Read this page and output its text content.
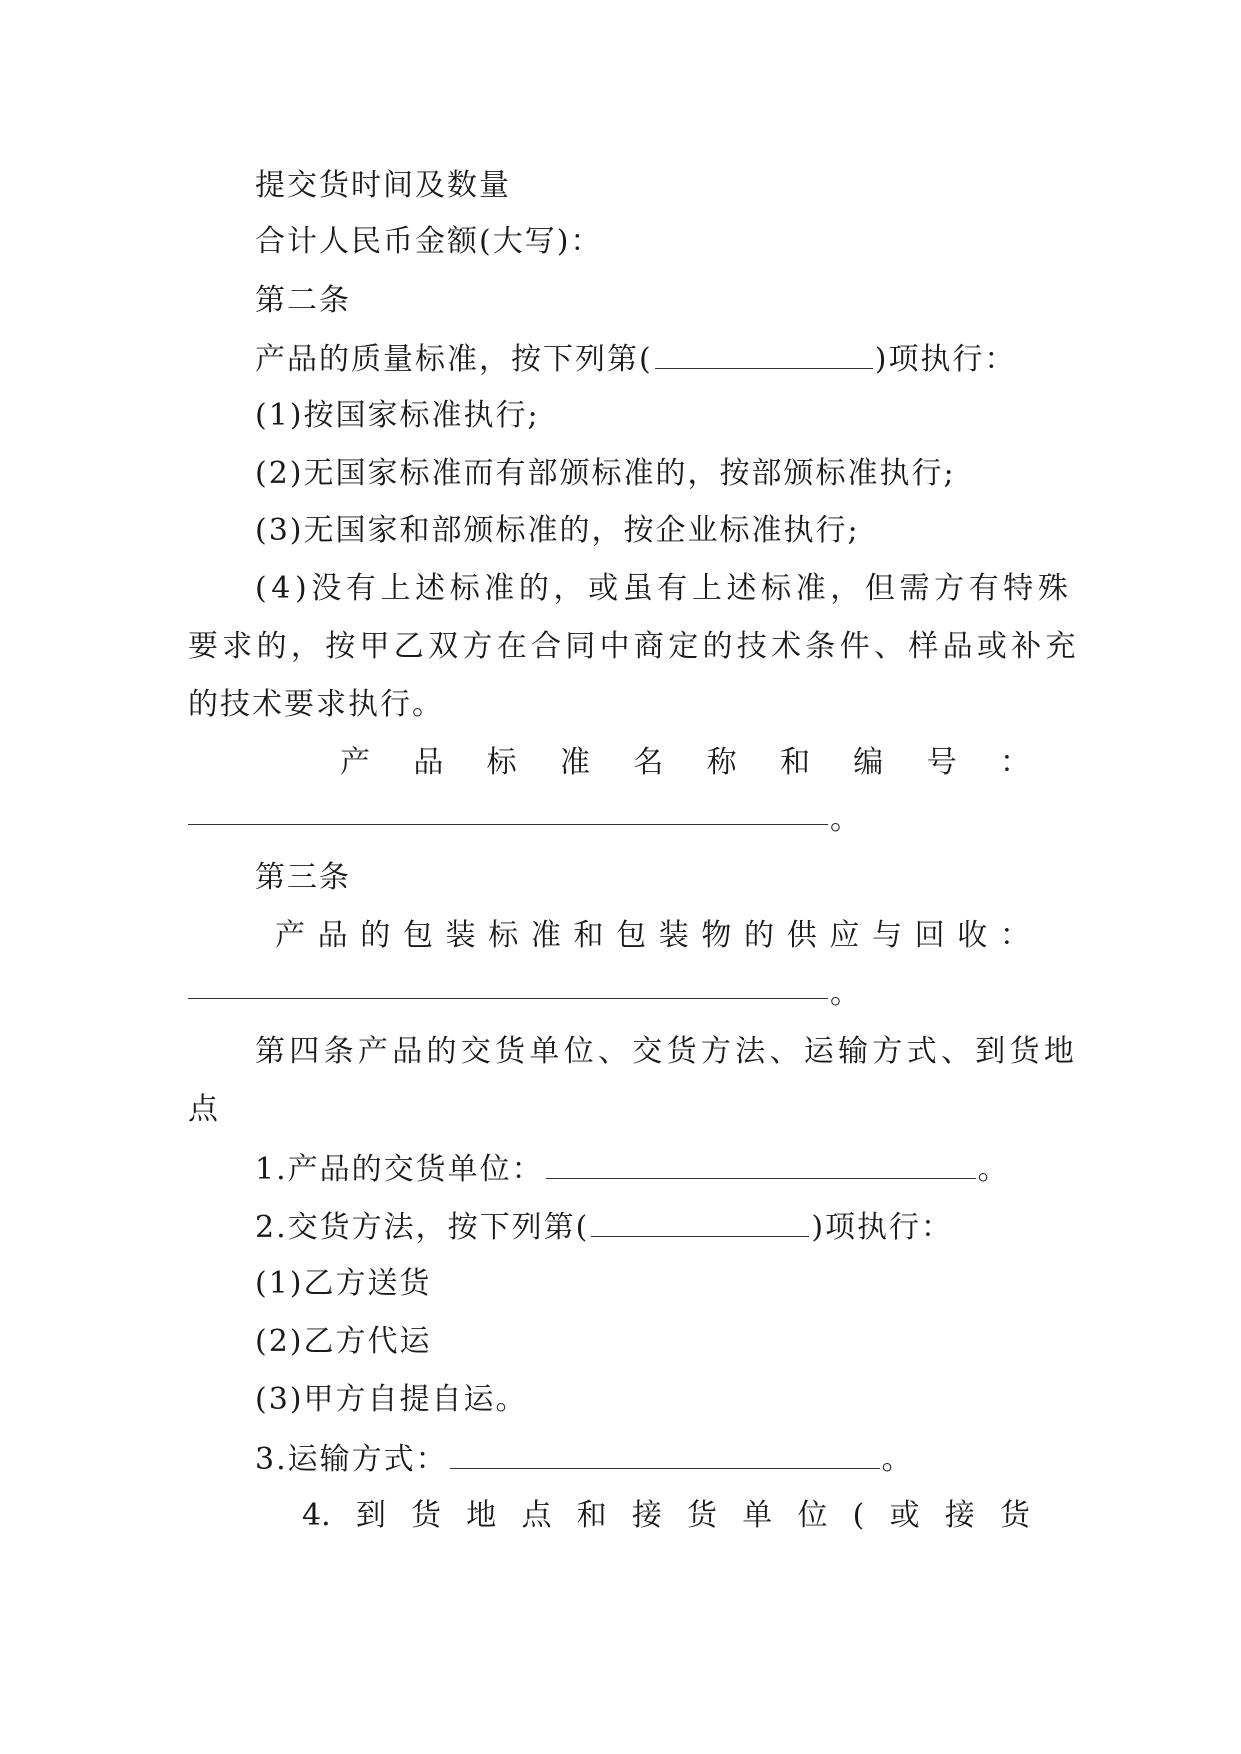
提交货时间及数量
合计人民币金额(大写)：
第二条
产品的质量标准，按下列第(	)项执行：
(1)按国家标准执行;
(2)无国家标准而有部颁标准的，按部颁标准执行;
(3)无国家和部颁标准的，按企业标准执行;
(4)没有上述标准的，或虽有上述标准，但需方有特殊
要求的，按甲乙双方在合同中商定的技术条件、样品或补充
的技术要求执行。
产 品 标 准 名 称 和 编 号 ：
。
第三条
产 品 的 包 装 标 准 和 包 装 物 的 供 应 与 回 收 ：
。
第四条产品的交货单位、交货方法、运输方式、到货地
点
1.产品的交货单位：	。
2.交货方法，按下列第(	)项执行：
(1)乙方送货
(2)乙方代运
(3)甲方自提自运。
3.运输方式：	。
4. 到 货 地 点 和 接 货 单 位 ( 或 接 货
